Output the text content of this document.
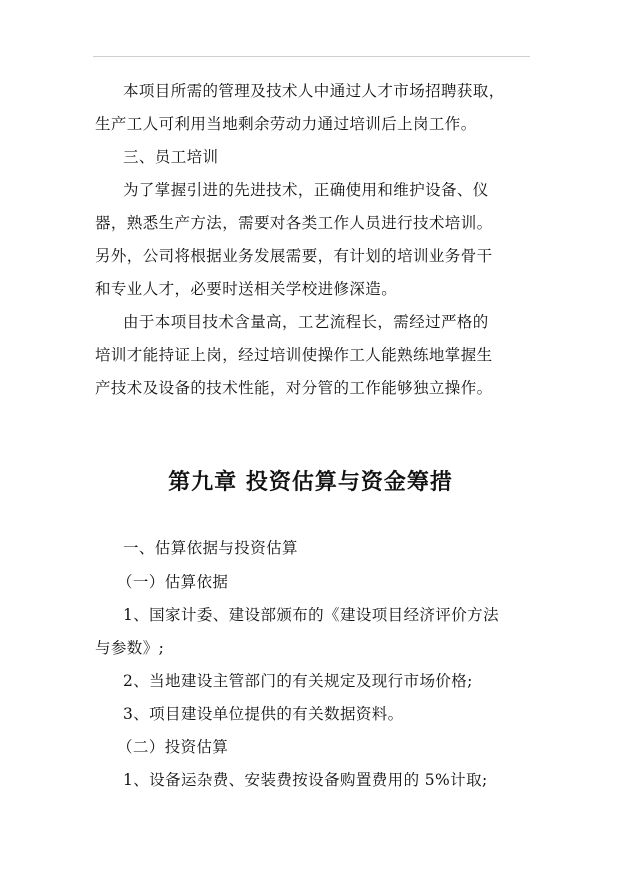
本项目所需的管理及技术人中通过人才市场招聘获取，
生产工人可利用当地剩余劳动力通过培训后上岗工作。
三、员工培训
为了掌握引进的先进技术，正确使用和维护设备、仪
器，熟悉生产方法，需要对各类工作人员进行技术培训。
另外，公司将根据业务发展需要，有计划的培训业务骨干
和专业人才，必要时送相关学校进修深造。
由于本项目技术含量高，工艺流程长，需经过严格的
培训才能持证上岗，经过培训使操作工人能熟练地掌握生
产技术及设备的技术性能，对分管的工作能够独立操作。
第九章 投资估算与资金筹措
一、估算依据与投资估算
（一）估算依据
1、国家计委、建设部颁布的《建设项目经济评价方法
与参数》;
2、当地建设主管部门的有关规定及现行市场价格;
3、项目建设单位提供的有关数据资料。
（二）投资估算
1、设备运杂费、安装费按设备购置费用的 5%计取;
